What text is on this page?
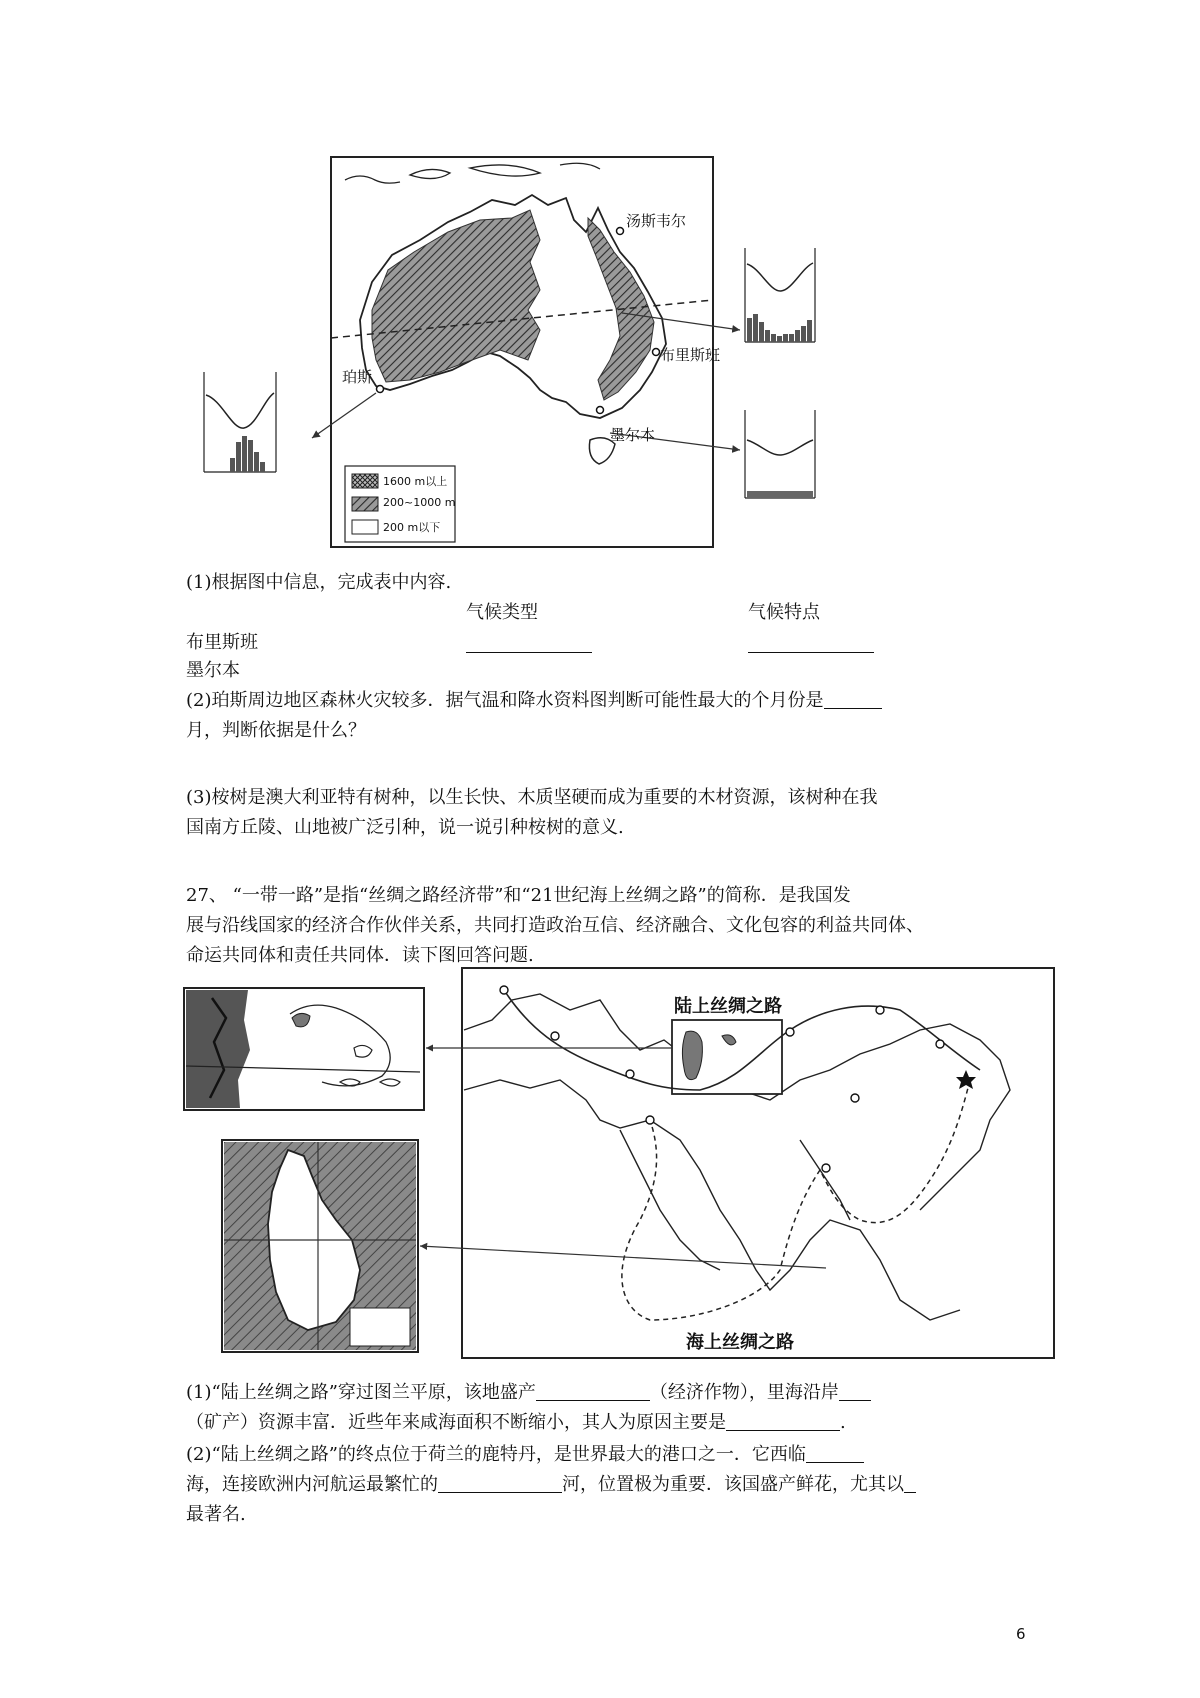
汤斯韦尔
布里斯班
珀斯
墨尔本
1600 m以上
200~1000 m
200 m以下
(1)根据图中信息，完成表中内容.
气候类型	气候特点
布里斯班
墨尔本
(2)珀斯周边地区森林火灾较多．据气温和降水资料图判断可能性最大的个月份是
月，判断依据是什么？
(3)桉树是澳大利亚特有树种，以生长快、木质坚硬而成为重要的木材资源，该树种在我
国南方丘陵、山地被广泛引种，说一说引种桉树的意义.
27、 “一带一路”是指“丝绸之路经济带”和“21世纪海上丝绸之路”的简称．是我国发
展与沿线国家的经济合作伙伴关系，共同打造政治互信、经济融合、文化包容的利益共同体、
命运共同体和责任共同体．读下图回答问题.
陆上丝绸之路
海上丝绸之路
(1)“陆上丝绸之路”穿过图兰平原，该地盛产	（经济作物），里海沿岸
（矿产）资源丰富．近些年来咸海面积不断缩小，其人为原因主要是	.
(2)“陆上丝绸之路”的终点位于荷兰的鹿特丹，是世界最大的港口之一．它西临
海，连接欧洲内河航运最繁忙的	河，位置极为重要．该国盛产鲜花，尤其以
最著名.
6
